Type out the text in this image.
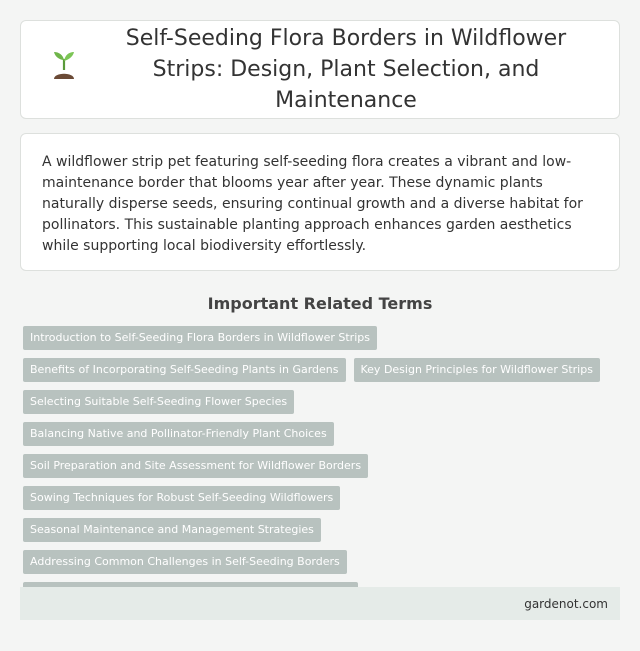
Self-Seeding Flora Borders in Wildflower Strips: Design, Plant Selection, and Maintenance

A wildflower strip pet featuring self-seeding flora creates a vibrant and low-maintenance border that blooms year after year. These dynamic plants naturally disperse seeds, ensuring continual growth and a diverse habitat for pollinators. This sustainable planting approach enhances garden aesthetics while supporting local biodiversity effortlessly.

Important Related Terms
Introduction to Self-Seeding Flora Borders in Wildflower Strips
Benefits of Incorporating Self-Seeding Plants in Gardens	Key Design Principles for Wildflower Strips
Selecting Suitable Self-Seeding Flower Species
Balancing Native and Pollinator-Friendly Plant Choices
Soil Preparation and Site Assessment for Wildflower Borders
Sowing Techniques for Robust Self-Seeding Wildflowers
Seasonal Maintenance and Management Strategies
Addressing Common Challenges in Self-Seeding Borders
gardenot.com
